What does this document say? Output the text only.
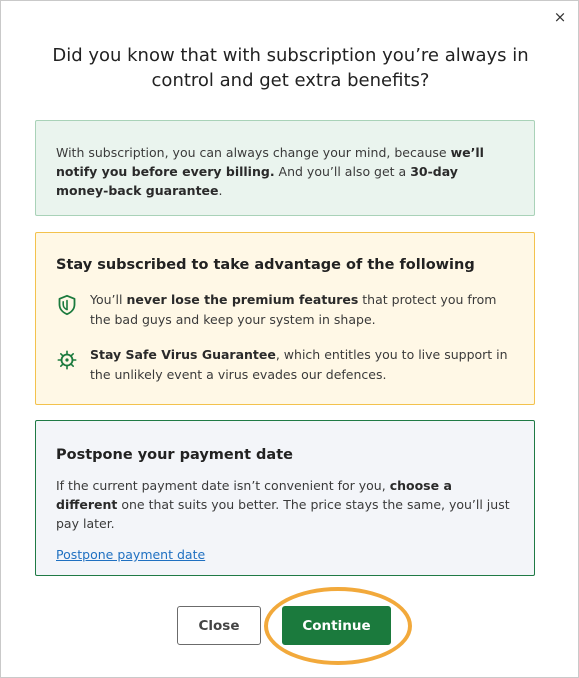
×
Did you know that with subscription you’re always in control and get extra benefits?

With subscription, you can always change your mind, because we’ll notify you before every billing. And you’ll also get a 30-day money-back guarantee.

Stay subscribed to take advantage of the following

You’ll never lose the premium features that protect you from the bad guys and keep your system in shape.

Stay Safe Virus Guarantee, which entitles you to live support in the unlikely event a virus evades our defences.

Postpone your payment date

If the current payment date isn’t convenient for you, choose a different one that suits you better. The price stays the same, you’ll just pay later.

Postpone payment date
Close	Continue
